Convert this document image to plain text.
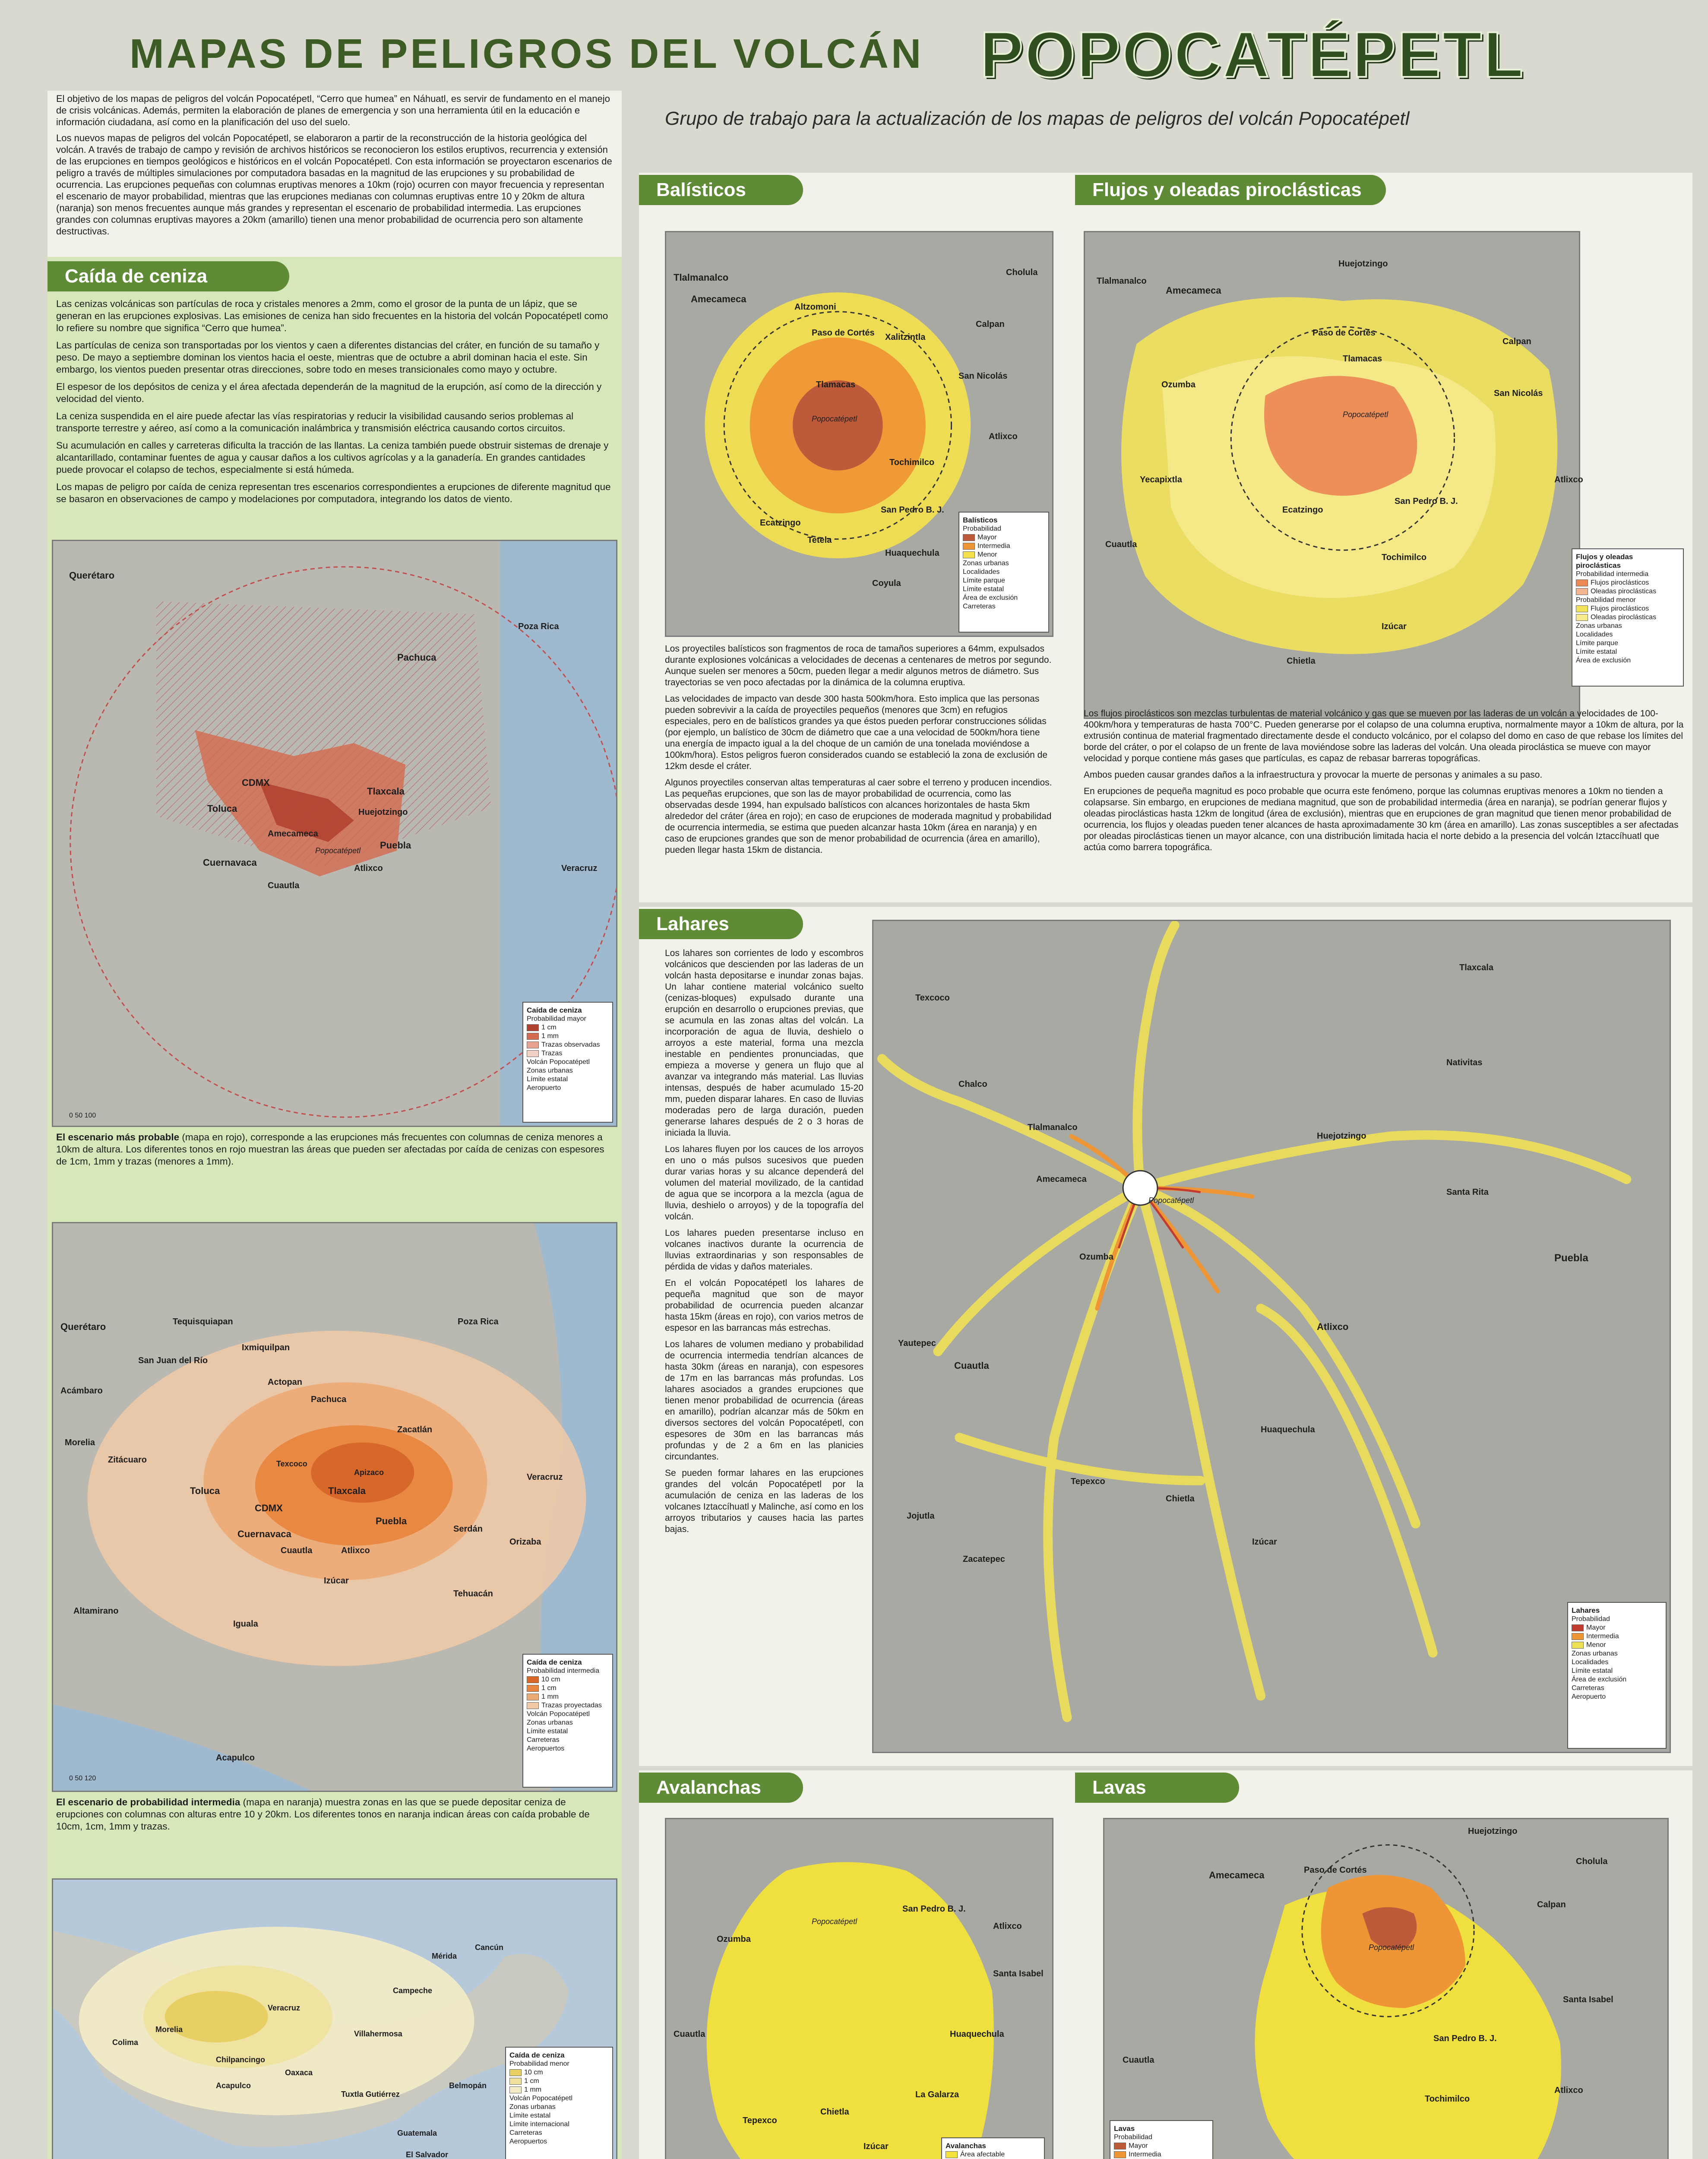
MAPAS DE PELIGROS DEL VOLCÁN POPOCATÉPETL
Grupo de trabajo para la actualización de los mapas de peligros del volcán Popocatépetl

El objetivo de los mapas de peligros del volcán Popocatépetl, “Cerro que humea” en Náhuatl, es servir de fundamento en el manejo de crisis volcánicas. Además, permiten la elaboración de planes de emergencia y son una herramienta útil en la educación e información ciudadana, así como en la planificación del uso del suelo.

Los nuevos mapas de peligros del volcán Popocatépetl, se elaboraron a partir de la reconstrucción de la historia geológica del volcán. A través de trabajo de campo y revisión de archivos históricos se reconocieron los estilos eruptivos, recurrencia y extensión de las erupciones en tiempos geológicos e históricos en el volcán Popocatépetl. Con esta información se proyectaron escenarios de peligro a través de múltiples simulaciones por computadora basadas en la magnitud de las erupciones y su probabilidad de ocurrencia. Las erupciones pequeñas con columnas eruptivas menores a 10km (rojo) ocurren con mayor frecuencia y representan el escenario de mayor probabilidad, mientras que las erupciones medianas con columnas eruptivas entre 10 y 20km de altura (naranja) son menos frecuentes aunque más grandes y representan el escenario de probabilidad intermedia. Las erupciones grandes con columnas eruptivas mayores a 20km (amarillo) tienen una menor probabilidad de ocurrencia pero son altamente destructivas.

Caída de ceniza

Las cenizas volcánicas son partículas de roca y cristales menores a 2mm, como el grosor de la punta de un lápiz, que se generan en las erupciones explosivas. Las emisiones de ceniza han sido frecuentes en la historia del volcán Popocatépetl como lo refiere su nombre que significa “Cerro que humea”.

Las partículas de ceniza son transportadas por los vientos y caen a diferentes distancias del cráter, en función de su tamaño y peso. De mayo a septiembre dominan los vientos hacia el oeste, mientras que de octubre a abril dominan hacia el este. Sin embargo, los vientos pueden presentar otras direcciones, sobre todo en meses transicionales como mayo y octubre.

El espesor de los depósitos de ceniza y el área afectada dependerán de la magnitud de la erupción, así como de la dirección y velocidad del viento.

La ceniza suspendida en el aire puede afectar las vías respiratorias y reducir la visibilidad causando serios problemas al transporte terrestre y aéreo, así como a la comunicación inalámbrica y transmisión eléctrica causando cortos circuitos.

Su acumulación en calles y carreteras dificulta la tracción de las llantas. La ceniza también puede obstruir sistemas de drenaje y alcantarillado, contaminar fuentes de agua y causar daños a los cultivos agrícolas y a la ganadería. En grandes cantidades puede provocar el colapso de techos, especialmente si está húmeda.

Los mapas de peligro por caída de ceniza representan tres escenarios correspondientes a erupciones de diferente magnitud que se basaron en observaciones de campo y modelaciones por computadora, integrando los datos de viento.

Querétaro
Pachuca
Tlaxcala
Toluca
CDMX
Huejotzingo
Amecameca
Popocatépetl Puebla
Cuernavaca
Atlixco
Cuautla
Veracruz
Poza Rica
Caída de ceniza
Probabilidad mayor
1 cm
1 mm
Trazas observadas
Trazas
Volcán Popocatépetl
Zonas urbanas
Límite estatal
Aeropuerto
0 50 100
El escenario más probable (mapa en rojo), corresponde a las erupciones más frecuentes con columnas de ceniza menores a 10km de altura. Los diferentes tonos en rojo muestran las áreas que pueden ser afectadas por caída de cenizas con espesores de 1cm, 1mm y trazas (menores a 1mm).
Querétaro	Tequisquiapan
Ixmiquilpan
Actopan
Pachuca
Poza Rica
San Juan del Río
Zacatlán
Tlaxcala
Toluca
CDMX
Puebla
Cuernavaca
Cuautla	Atlixco
Izúcar
Tehuacán
Iguala
Acapulco
Veracruz
Texcoco
Apizaco
Serdán
Orizaba
Acámbaro
Morelia
Zitácuaro
Altamirano
Caída de ceniza
Probabilidad intermedia
10 cm
1 cm
1 mm
Trazas proyectadas
Volcán Popocatépetl
Zonas urbanas
Límite estatal
Carreteras
Aeropuertos
0 50 120
El escenario de probabilidad intermedia (mapa en naranja) muestra zonas en las que se puede depositar ceniza de erupciones con columnas con alturas entre 10 y 20km. Los diferentes tonos en naranja indican áreas con caída probable de 10cm, 1cm, 1mm y trazas.
Mérida
Cancún
Campeche
Villahermosa
Oaxaca
Chilpancingo
Acapulco
Tuxtla Gutiérrez
Guatemala
El Salvador
Belmopán
Veracruz
Morelia
Colima
Caída de ceniza
Probabilidad menor
10 cm
1 cm
1 mm
Volcán Popocatépetl
Zonas urbanas
Límite estatal
Límite internacional
Carreteras
Aeropuertos
Balísticos
Tlalmanalco
Amecameca
Altzomoni
Paso de Cortés Xalitzintla
Tlamacas
Popocatépetl
Tetela
Ecatzingo
San Pedro B. J.
Huaquechula
Atlixco
Coyula
Tochimilco
San Nicolás
Calpan
Cholula
Balísticos
Probabilidad
Mayor
Intermedia
Menor
Zonas urbanas
Localidades
Límite parque
Límite estatal
Área de exclusión
Carreteras

Los proyectiles balísticos son fragmentos de roca de tamaños superiores a 64mm, expulsados durante explosiones volcánicas a velocidades de decenas a centenares de metros por segundo. Aunque suelen ser menores a 50cm, pueden llegar a medir algunos metros de diámetro. Sus trayectorias se ven poco afectadas por la dinámica de la columna eruptiva.

Las velocidades de impacto van desde 300 hasta 500km/hora. Esto implica que las personas pueden sobrevivir a la caída de proyectiles pequeños (menores que 3cm) en refugios especiales, pero en de balísticos grandes ya que éstos pueden perforar construcciones sólidas (por ejemplo, un balístico de 30cm de diámetro que cae a una velocidad de 500km/hora tiene una energía de impacto igual a la del choque de un camión de una tonelada moviéndose a 100km/hora). Estos peligros fueron considerados cuando se estableció la zona de exclusión de 12km desde el cráter.

Algunos proyectiles conservan altas temperaturas al caer sobre el terreno y producen incendios. Las pequeñas erupciones, que son las de mayor probabilidad de ocurrencia, como las observadas desde 1994, han expulsado balísticos con alcances horizontales de hasta 5km alrededor del cráter (área en rojo); en caso de erupciones de moderada magnitud y probabilidad de ocurrencia intermedia, se estima que pueden alcanzar hasta 10km (área en naranja) y en caso de erupciones grandes que son de menor probabilidad de ocurrencia (área en amarillo), pueden llegar hasta 15km de distancia.

Flujos y oleadas piroclásticas
Huejotzingo
Amecameca
Tlalmanalco
Paso de Cortés
Tlamacas
Popocatépetl
Ozumba
San Pedro B. J.
Ecatzingo
Yecapixtla	Atlixco
Cuautla
Izúcar
Chietla
Tochimilco
San Nicolás
Calpan
Flujos y oleadas piroclásticas
Probabilidad intermedia
Flujos piroclásticos
Oleadas piroclásticas
Probabilidad menor
Flujos piroclásticos
Oleadas piroclásticas
Zonas urbanas
Localidades
Límite parque
Límite estatal
Área de exclusión

Los flujos piroclásticos son mezclas turbulentas de material volcánico y gas que se mueven por las laderas de un volcán a velocidades de 100-400km/hora y temperaturas de hasta 700°C. Pueden generarse por el colapso de una columna eruptiva, normalmente mayor a 10km de altura, por la extrusión continua de material fragmentado directamente desde el conducto volcánico, por el colapso del domo en caso de que rebase los límites del borde del cráter, o por el colapso de un frente de lava moviéndose sobre las laderas del volcán. Una oleada piroclástica se mueve con mayor velocidad y porque contiene más gases que partículas, es capaz de rebasar barreras topográficas.

Ambos pueden causar grandes daños a la infraestructura y provocar la muerte de personas y animales a su paso.

En erupciones de pequeña magnitud es poco probable que ocurra este fenómeno, porque las columnas eruptivas menores a 10km no tienden a colapsarse. Sin embargo, en erupciones de mediana magnitud, que son de probabilidad intermedia (área en naranja), se podrían generar flujos y oleadas piroclásticas hasta 12km de longitud (área de exclusión), mientras que en erupciones de gran magnitud que tienen menor probabilidad de ocurrencia, los flujos y oleadas pueden tener alcances de hasta aproximadamente 30 km (área en amarillo). Las zonas susceptibles a ser afectadas por oleadas piroclásticas tienen un mayor alcance, con una distribución limitada hacia el norte debido a la presencia del volcán Iztaccíhuatl que actúa como barrera topográfica.

Lahares

Los lahares son corrientes de lodo y escombros volcánicos que descienden por las laderas de un volcán hasta depositarse e inundar zonas bajas. Un lahar contiene material volcánico suelto (cenizas-bloques) expulsado durante una erupción en desarrollo o erupciones previas, que se acumula en las zonas altas del volcán. La incorporación de agua de lluvia, deshielo o arroyos a este material, forma una mezcla inestable en pendientes pronunciadas, que empieza a moverse y genera un flujo que al avanzar va integrando más material. Las lluvias intensas, después de haber acumulado 15-20 mm, pueden disparar lahares. En caso de lluvias moderadas pero de larga duración, pueden generarse lahares después de 2 o 3 horas de iniciada la lluvia.

Los lahares fluyen por los cauces de los arroyos en uno o más pulsos sucesivos que pueden durar varias horas y su alcance dependerá del volumen del material movilizado, de la cantidad de agua que se incorpora a la mezcla (agua de lluvia, deshielo o arroyos) y de la topografía del volcán.

Los lahares pueden presentarse incluso en volcanes inactivos durante la ocurrencia de lluvias extraordinarias y son responsables de pérdida de vidas y daños materiales.

En el volcán Popocatépetl los lahares de pequeña magnitud que son de mayor probabilidad de ocurrencia pueden alcanzar hasta 15km (áreas en rojo), con varios metros de espesor en las barrancas más estrechas.

Los lahares de volumen mediano y probabilidad de ocurrencia intermedia tendrían alcances de hasta 30km (áreas en naranja), con espesores de 17m en las barrancas más profundas. Los lahares asociados a grandes erupciones que tienen menor probabilidad de ocurrencia (áreas en amarillo), podrían alcanzar más de 50km en diversos sectores del volcán Popocatépetl, con espesores de 30m en las barrancas más profundas y de 2 a 6m en las planicies circundantes.

Se pueden formar lahares en las erupciones grandes del volcán Popocatépetl por la acumulación de ceniza en las laderas de los volcanes Iztaccíhuatl y Malinche, así como en los arroyos tributarios y causes hacia las partes bajas.

Texcoco
Chalco
Tlalmanalco
Amecameca
Huejotzingo
Puebla
Popocatépetl
Ozumba
Cuautla
Atlixco
Izúcar
Yautepec
Jojutla
Tlaxcala
Santa Rita
Nativitas
Zacatepec
Tepexco
Chietla
Huaquechula
Lahares
Probabilidad
Mayor
Intermedia
Menor
Zonas urbanas
Localidades
Límite estatal
Área de exclusión
Carreteras
Aeropuerto
Avalanchas
Popocatépetl
San Pedro B. J.
Atlixco
Cuautla
Izúcar
Huaquechula
Tepexco
Santa Isabel
La Galarza
Chietla
Ozumba
Avalanchas
Área afectable

Lavas
Huejotzingo
Amecameca	Paso de Cortés
Popocatépetl
San Pedro B. J.
Atlixco
Cuautla
Santa Isabel
Tochimilco
Calpan
Cholula
Lavas
Probabilidad
Mayor
Intermedia
